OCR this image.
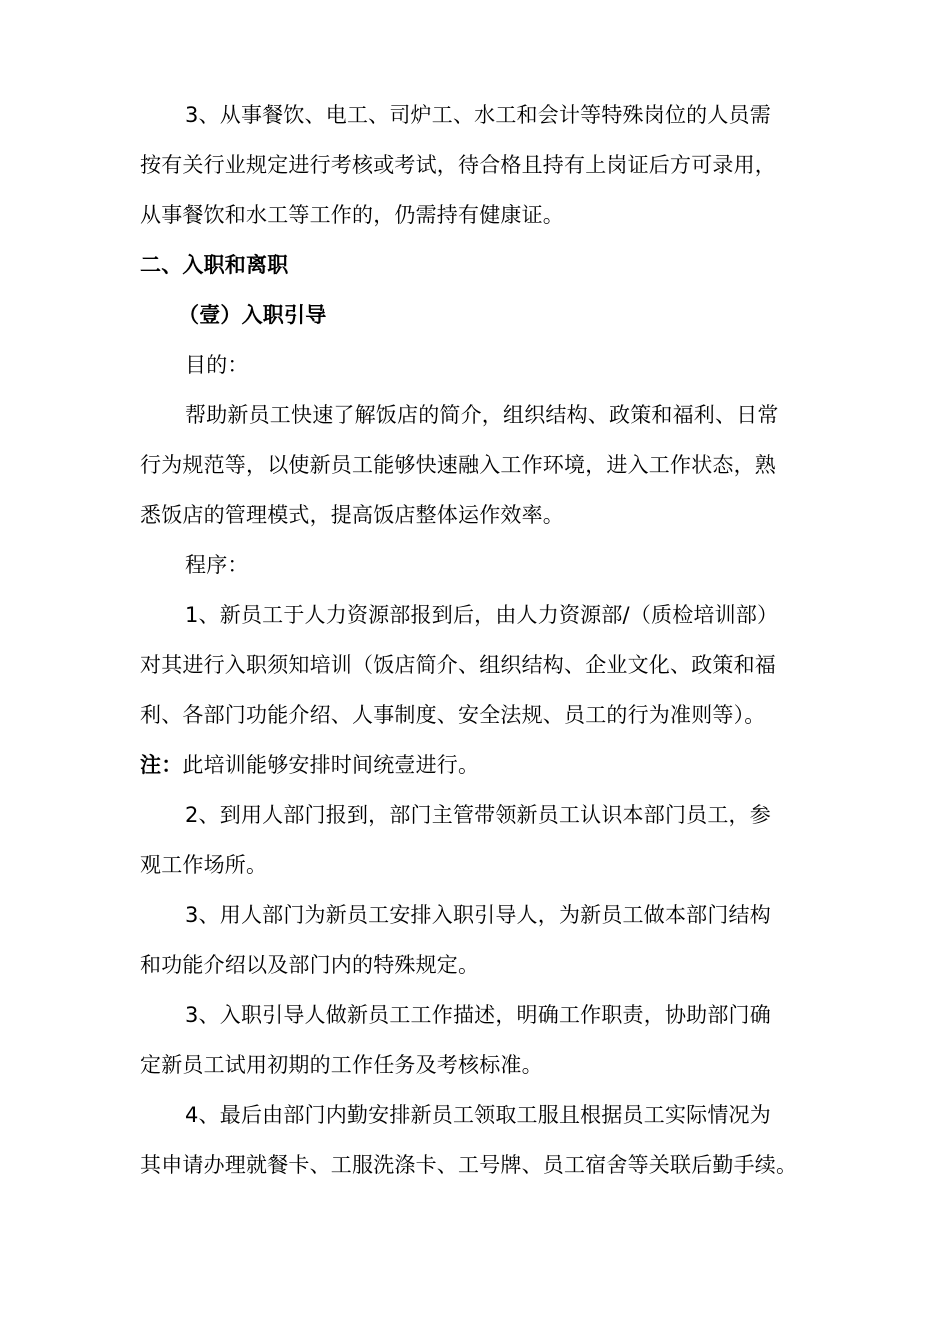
3、从事餐饮、电工、司炉工、水工和会计等特殊岗位的人员需
按有关行业规定进行考核或考试，待合格且持有上岗证后方可录用，
从事餐饮和水工等工作的，仍需持有健康证。
二、入职和离职
（壹）入职引导
目的：
帮助新员工快速了解饭店的简介，组织结构、政策和福利、日常
行为规范等，以使新员工能够快速融入工作环境，进入工作状态，熟
悉饭店的管理模式，提高饭店整体运作效率。
程序：
1、新员工于人力资源部报到后，由人力资源部/（质检培训部）
对其进行入职须知培训（饭店简介、组织结构、企业文化、政策和福
利、各部门功能介绍、人事制度、安全法规、员工的行为准则等）。
注：此培训能够安排时间统壹进行。
2、到用人部门报到，部门主管带领新员工认识本部门员工，参
观工作场所。
3、用人部门为新员工安排入职引导人，为新员工做本部门结构
和功能介绍以及部门内的特殊规定。
3、入职引导人做新员工工作描述，明确工作职责，协助部门确
定新员工试用初期的工作任务及考核标准。
4、最后由部门内勤安排新员工领取工服且根据员工实际情况为
其申请办理就餐卡、工服洗涤卡、工号牌、员工宿舍等关联后勤手续。
